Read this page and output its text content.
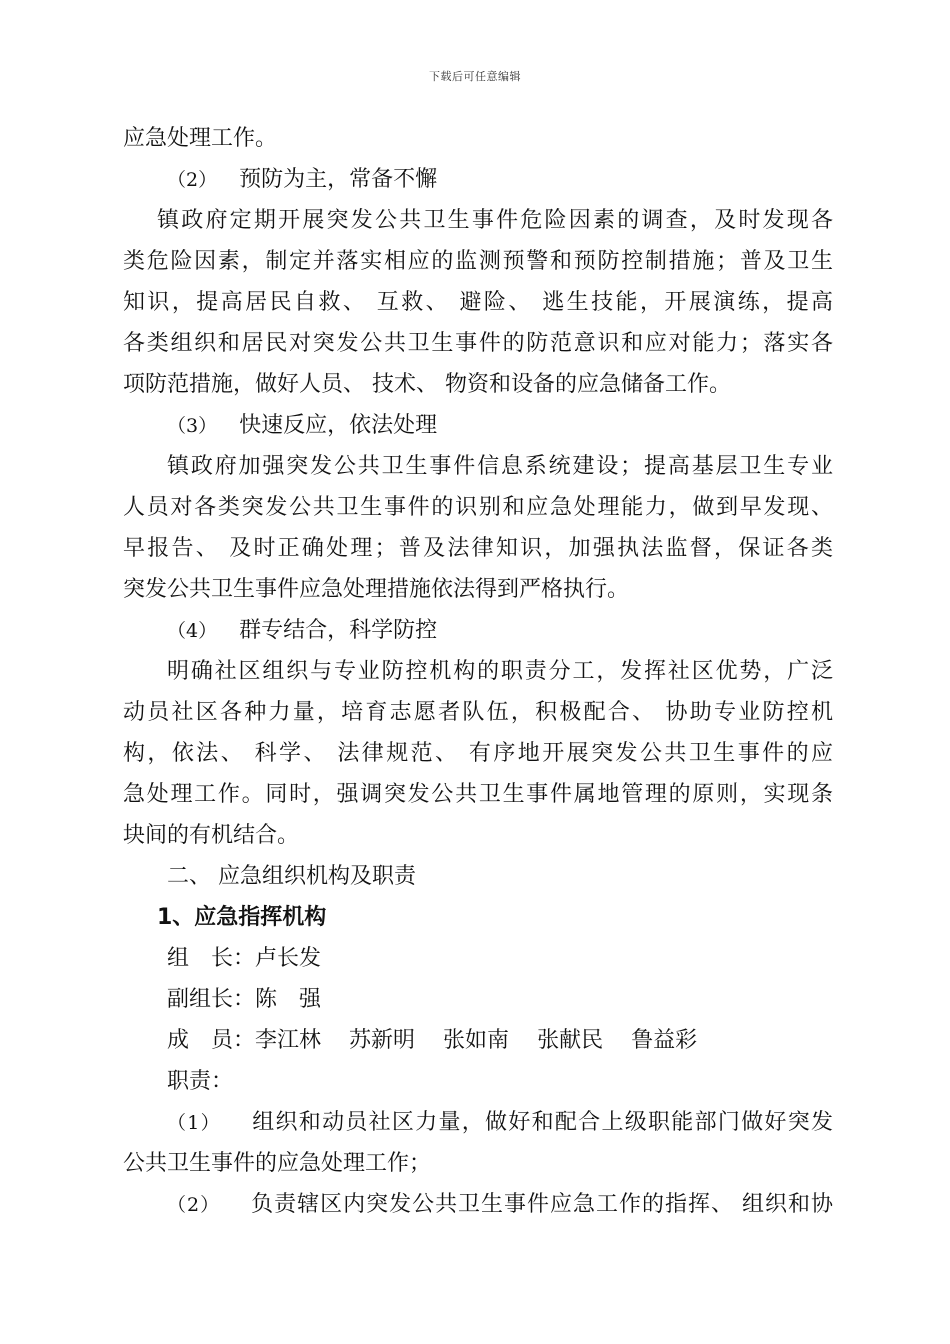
下载后可任意编辑
应急处理工作。
（2） 预防为主，常备不懈
镇政府定期开展突发公共卫生事件危险因素的调查，及时发现各
类危险因素，制定并落实相应的监测预警和预防控制措施；普及卫生
知识，提高居民自救、 互救、 避险、 逃生技能，开展演练，提高
各类组织和居民对突发公共卫生事件的防范意识和应对能力；落实各
项防范措施，做好人员、 技术、 物资和设备的应急储备工作。
（3） 快速反应，依法处理
镇政府加强突发公共卫生事件信息系统建设；提高基层卫生专业
人员对各类突发公共卫生事件的识别和应急处理能力，做到早发现、
早报告、 及时正确处理；普及法律知识，加强执法监督，保证各类
突发公共卫生事件应急处理措施依法得到严格执行。
（4） 群专结合，科学防控
明确社区组织与专业防控机构的职责分工，发挥社区优势，广泛
动员社区各种力量，培育志愿者队伍，积极配合、 协助专业防控机
构，依法、 科学、 法律规范、 有序地开展突发公共卫生事件的应
急处理工作。同时，强调突发公共卫生事件属地管理的原则，实现条
块间的有机结合。
二、 应急组织机构及职责
1、应急指挥机构
组　长：卢长发
副组长：陈　强
成　员：李江林 苏新明 张如南 张献民 鲁益彩
职责：
（1） 组织和动员社区力量，做好和配合上级职能部门做好突发
公共卫生事件的应急处理工作；
（2） 负责辖区内突发公共卫生事件应急工作的指挥、 组织和协
